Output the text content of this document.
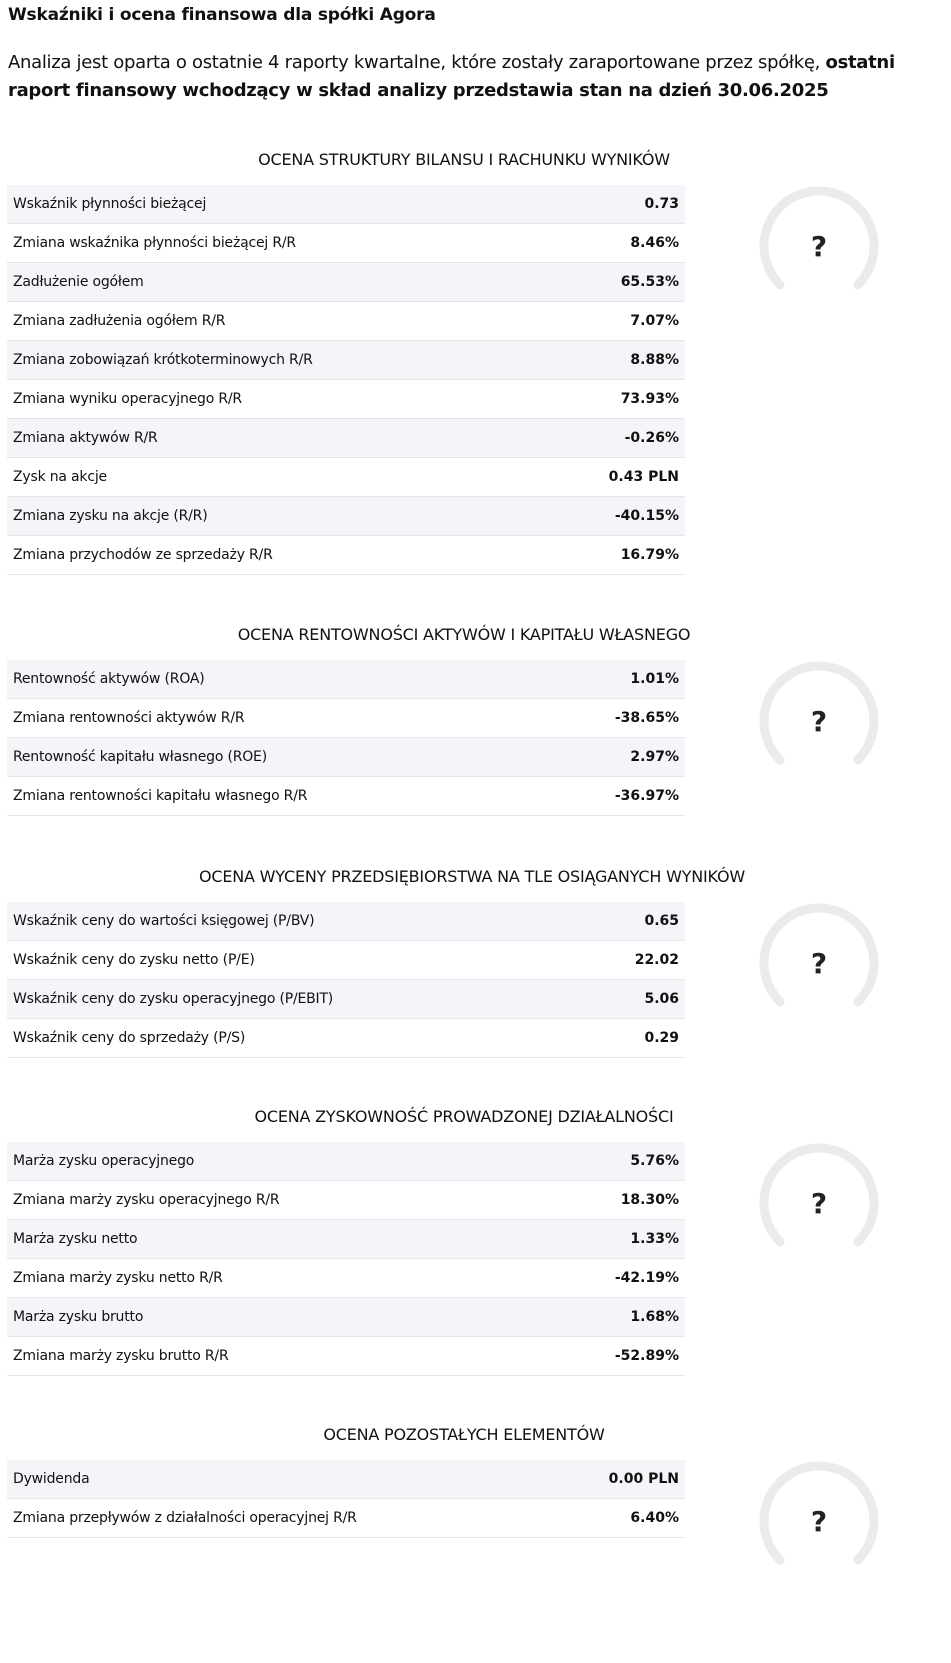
Wskaźniki i ocena finansowa dla spółki Agora

Analiza jest oparta o ostatnie 4 raporty kwartalne, które zostały zaraportowane przez spółkę, ostatni raport finansowy wchodzący w skład analizy przedstawia stan na dzień 30.06.2025

OCENA STRUKTURY BILANSU I RACHUNKU WYNIKÓW
Wskaźnik płynności bieżącej	0.73
Zmiana wskaźnika płynności bieżącej R/R	8.46%
Zadłużenie ogółem	65.53%
Zmiana zadłużenia ogółem R/R	7.07%
Zmiana zobowiązań krótkoterminowych R/R	8.88%
Zmiana wyniku operacyjnego R/R	73.93%
Zmiana aktywów R/R	-0.26%
Zysk na akcje	0.43 PLN
Zmiana zysku na akcje (R/R)	-40.15%
Zmiana przychodów ze sprzedaży R/R	16.79%
OCENA RENTOWNOŚCI AKTYWÓW I KAPITAŁU WŁASNEGO
Rentowność aktywów (ROA)	1.01%
Zmiana rentowności aktywów R/R	-38.65%
Rentowność kapitału własnego (ROE)	2.97%
Zmiana rentowności kapitału własnego R/R	-36.97%
OCENA WYCENY PRZEDSIĘBIORSTWA NA TLE OSIĄGANYCH WYNIKÓW
Wskaźnik ceny do wartości księgowej (P/BV)	0.65
Wskaźnik ceny do zysku netto (P/E)	22.02
Wskaźnik ceny do zysku operacyjnego (P/EBIT)	5.06
Wskaźnik ceny do sprzedaży (P/S)	0.29
OCENA ZYSKOWNOŚĆ PROWADZONEJ DZIAŁALNOŚCI
Marża zysku operacyjnego	5.76%
Zmiana marży zysku operacyjnego R/R	18.30%
Marża zysku netto	1.33%
Zmiana marży zysku netto R/R	-42.19%
Marża zysku brutto	1.68%
Zmiana marży zysku brutto R/R	-52.89%
OCENA POZOSTAŁYCH ELEMENTÓW
Dywidenda	0.00 PLN
Zmiana przepływów z działalności operacyjnej R/R	6.40%
?
?
?
?
?
